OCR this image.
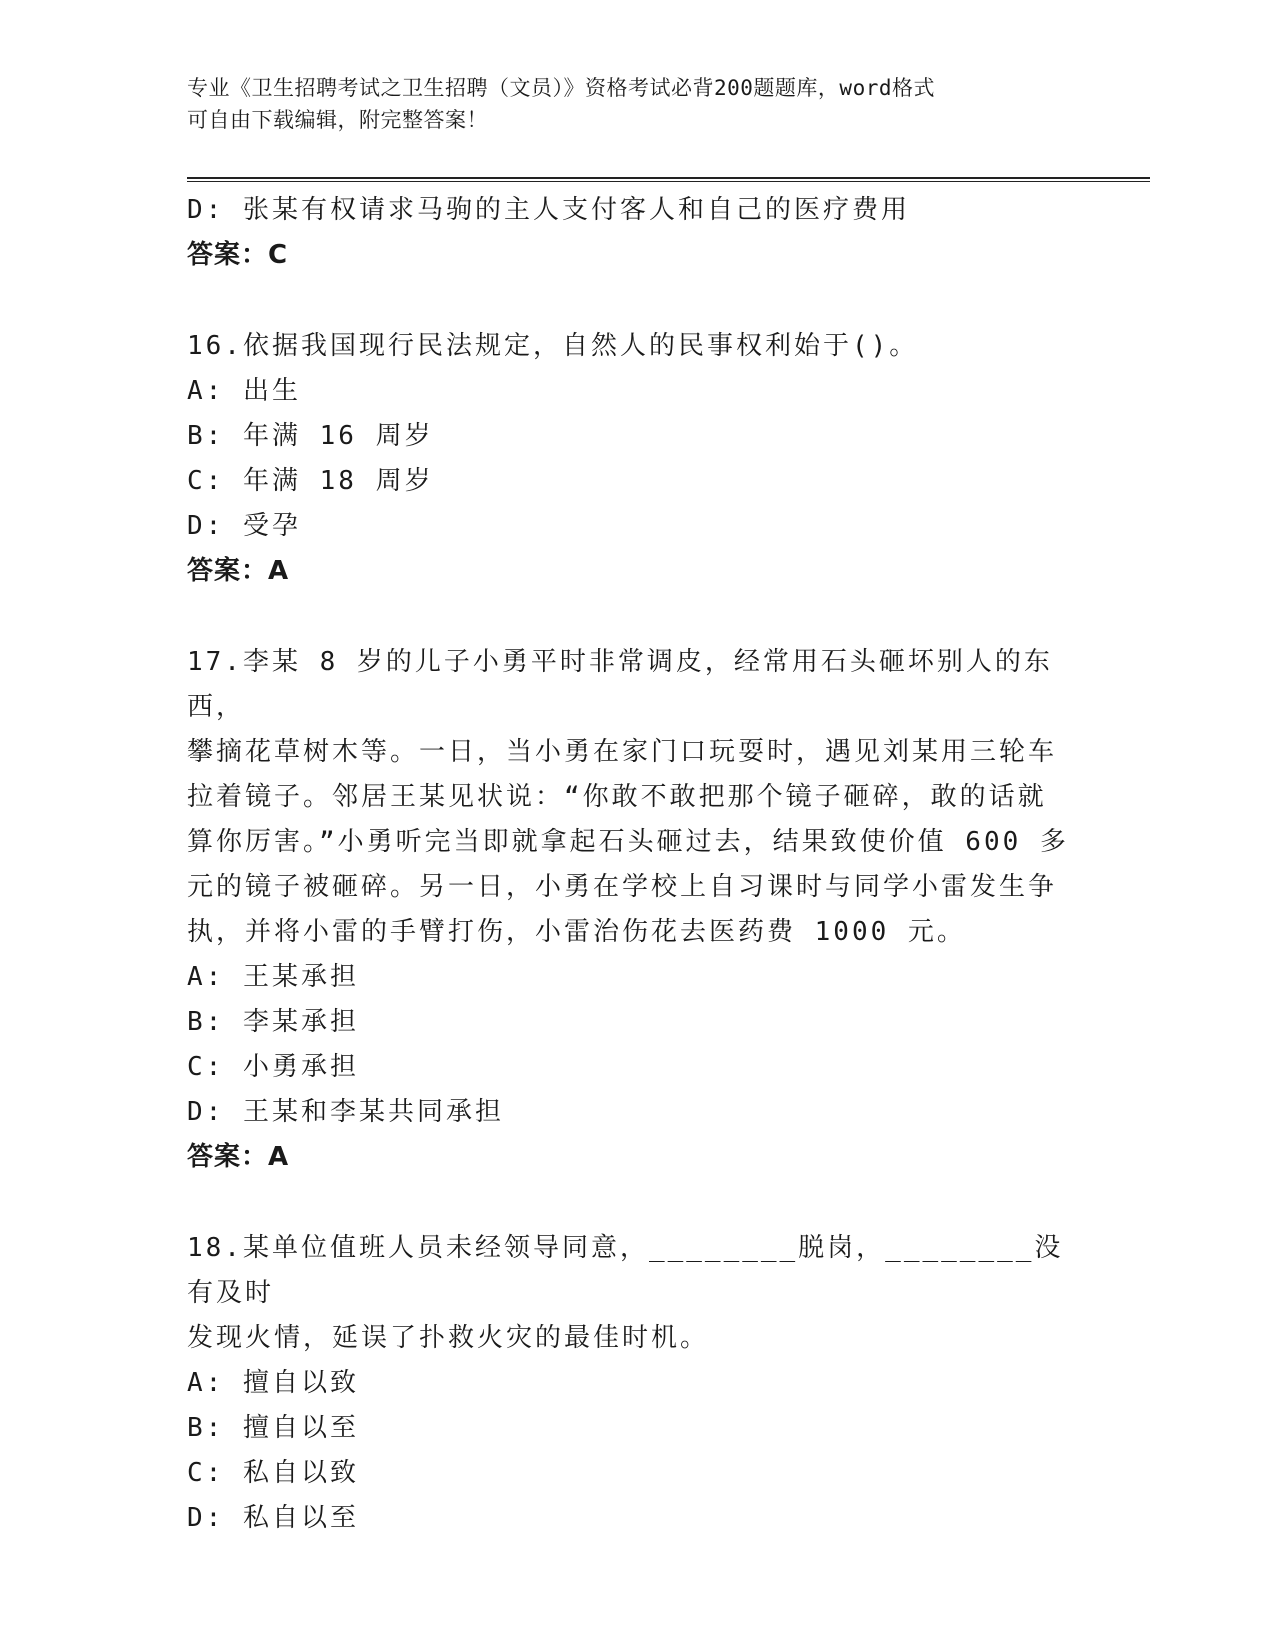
专业《卫生招聘考试之卫生招聘（文员）》资格考试必背200题题库，word格式
可自由下载编辑，附完整答案！
D: 张某有权请求马驹的主人支付客人和自己的医疗费用
答案：C
16.依据我国现行民法规定，自然人的民事权利始于()。
A: 出生
B: 年满 16 周岁
C: 年满 18 周岁
D: 受孕
答案：A
17.李某 8 岁的儿子小勇平时非常调皮，经常用石头砸坏别人的东西，
攀摘花草树木等。一日，当小勇在家门口玩耍时，遇见刘某用三轮车
拉着镜子。邻居王某见状说：“你敢不敢把那个镜子砸碎，敢的话就
算你厉害。”小勇听完当即就拿起石头砸过去，结果致使价值 600 多
元的镜子被砸碎。另一日，小勇在学校上自习课时与同学小雷发生争
执，并将小雷的手臂打伤，小雷治伤花去医药费 1000 元。
A: 王某承担
B: 李某承担
C: 小勇承担
D: 王某和李某共同承担
答案：A
18.某单位值班人员未经领导同意，________脱岗，________没有及时
发现火情，延误了扑救火灾的最佳时机。
A: 擅自以致
B: 擅自以至
C: 私自以致
D: 私自以至
